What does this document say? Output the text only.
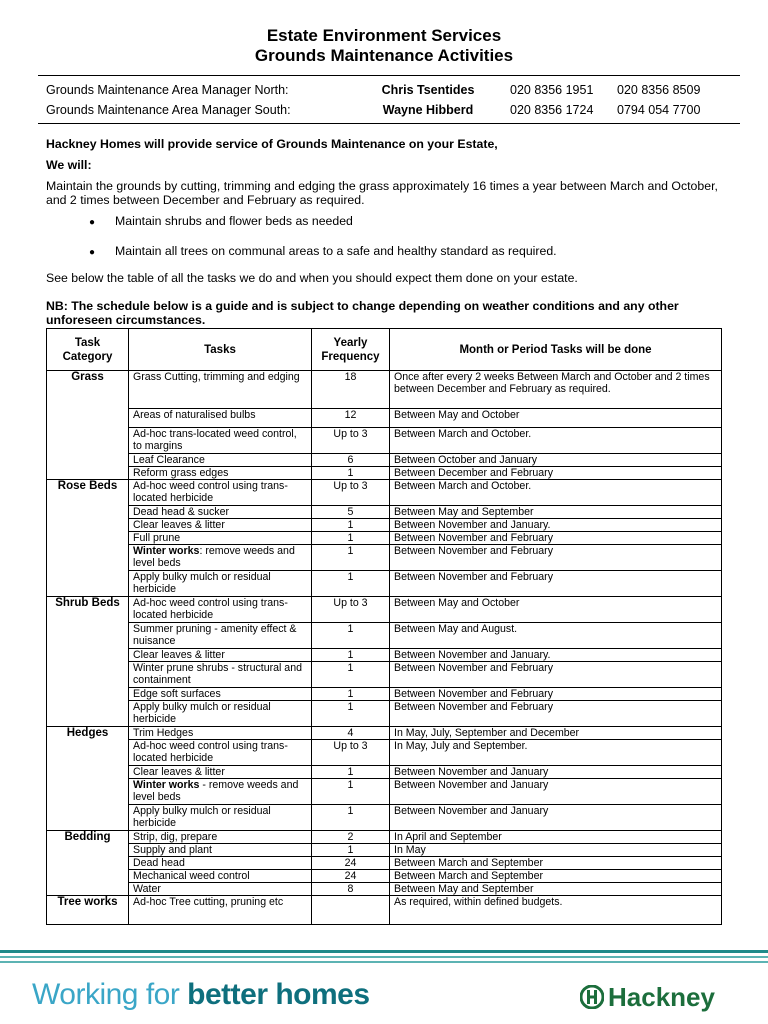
Estate Environment Services
Grounds Maintenance Activities
Grounds Maintenance Area Manager North:	Chris Tsentides	020 8356 1951 020 8356 8509
Grounds Maintenance Area Manager South:	Wayne Hibberd	020 8356 1724 0794 054 7700
Hackney Homes will provide service of Grounds Maintenance on your Estate,
We will:
Maintain the grounds by cutting, trimming and edging the grass approximately 16 times a year between March and October, and 2 times between December and February as required.
● Maintain shrubs and flower beds as needed
● Maintain all trees on communal areas to a safe and healthy standard as required.
See below the table of all the tasks we do and when you should expect them done on your estate.
NB: The schedule below is a guide and is subject to change depending on weather conditions and any other unforeseen circumstances.
Task Category	Tasks	Yearly Frequency	Month or Period Tasks will be done
Grass	Grass Cutting, trimming and edging	18	Once after every 2 weeks Between March and October and 2 times between December and February as required.
	Areas of naturalised bulbs	12	Between May and October
	Ad-hoc trans-located weed control, to margins	Up to 3	Between March and October.
	Leaf Clearance	6	Between October and January
	Reform grass edges	1	Between December and February
Rose Beds	Ad-hoc weed control using trans-located herbicide	Up to 3	Between March and October.
	Dead head & sucker	5	Between May and September
	Clear leaves & litter	1	Between November and January.
	Full prune	1	Between November and February
	Winter works: remove weeds and level beds	1	Between November and February
	Apply bulky mulch or residual herbicide	1	Between November and February
Shrub Beds	Ad-hoc weed control using trans-located herbicide	Up to 3	Between May and October
	Summer pruning - amenity effect & nuisance	1	Between May and August.
	Clear leaves & litter	1	Between November and January.
	Winter prune shrubs - structural and containment	1	Between November and February
	Edge soft surfaces	1	Between November and February
	Apply bulky mulch or residual herbicide	1	Between November and February
Hedges	Trim Hedges	4	In May, July, September and December
	Ad-hoc weed control using trans-located herbicide	Up to 3	In May, July and September.
	Clear leaves & litter	1	Between November and January
	Winter works - remove weeds and level beds	1	Between November and January
	Apply bulky mulch or residual herbicide	1	Between November and January
Bedding	Strip, dig, prepare	2	In April and September
	Supply and plant	1	In May
	Dead head	24	Between March and September
	Mechanical weed control	24	Between March and September
	Water	8	Between May and September
Tree works	Ad-hoc Tree cutting, pruning etc		As required, within defined budgets.
Working for better homes	Hackney
